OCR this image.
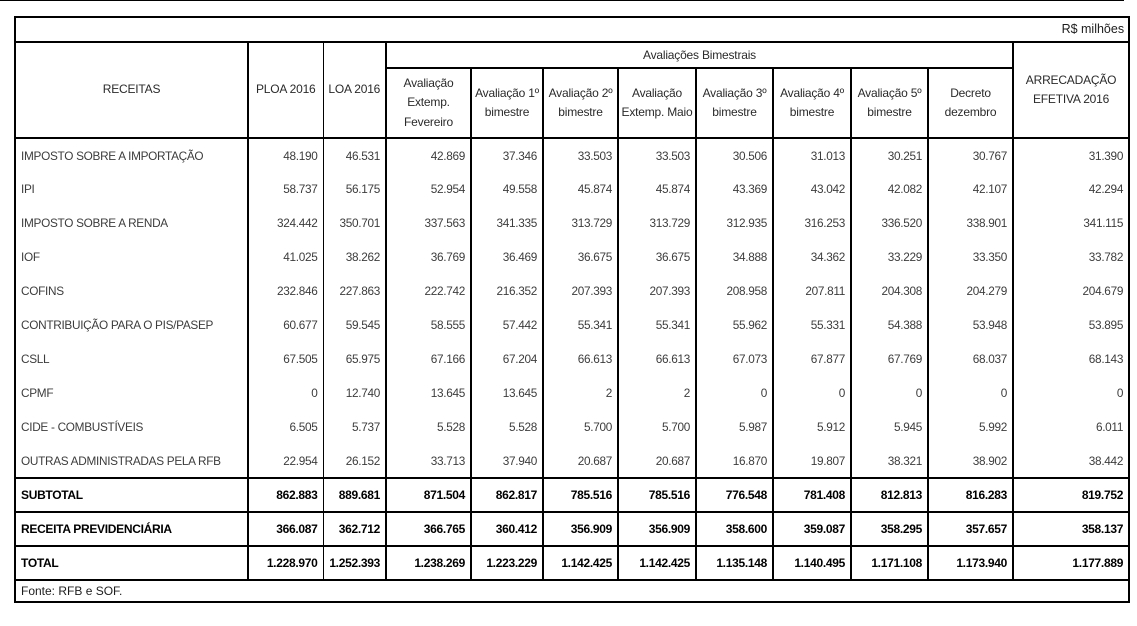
R$ milhões											
RECEITAS	PLOA 2016	LOA 2016	Avaliações Bimestrais								ARRECADAÇÃO EFETIVA 2016
			Avaliação Extemp. Fevereiro	Avaliação 1º bimestre	Avaliação 2º bimestre	Avaliação Extemp. Maio	Avaliação 3º bimestre	Avaliação 4º bimestre	Avaliação 5º bimestre	Decreto dezembro	
IMPOSTO SOBRE A IMPORTAÇÃO	48.190	46.531	42.869	37.346	33.503	33.503	30.506	31.013	30.251	30.767	31.390
IPI	58.737	56.175	52.954	49.558	45.874	45.874	43.369	43.042	42.082	42.107	42.294
IMPOSTO SOBRE A RENDA	324.442	350.701	337.563	341.335	313.729	313.729	312.935	316.253	336.520	338.901	341.115
IOF	41.025	38.262	36.769	36.469	36.675	36.675	34.888	34.362	33.229	33.350	33.782
COFINS	232.846	227.863	222.742	216.352	207.393	207.393	208.958	207.811	204.308	204.279	204.679
CONTRIBUIÇÃO PARA O PIS/PASEP	60.677	59.545	58.555	57.442	55.341	55.341	55.962	55.331	54.388	53.948	53.895
CSLL	67.505	65.975	67.166	67.204	66.613	66.613	67.073	67.877	67.769	68.037	68.143
CPMF	0	12.740	13.645	13.645	2	2	0	0	0	0	0
CIDE - COMBUSTÍVEIS	6.505	5.737	5.528	5.528	5.700	5.700	5.987	5.912	5.945	5.992	6.011
OUTRAS ADMINISTRADAS PELA RFB	22.954	26.152	33.713	37.940	20.687	20.687	16.870	19.807	38.321	38.902	38.442
SUBTOTAL	862.883	889.681	871.504	862.817	785.516	785.516	776.548	781.408	812.813	816.283	819.752
RECEITA PREVIDENCIÁRIA	366.087	362.712	366.765	360.412	356.909	356.909	358.600	359.087	358.295	357.657	358.137
TOTAL	1.228.970	1.252.393	1.238.269	1.223.229	1.142.425	1.142.425	1.135.148	1.140.495	1.171.108	1.173.940	1.177.889
Fonte: RFB e SOF.											
